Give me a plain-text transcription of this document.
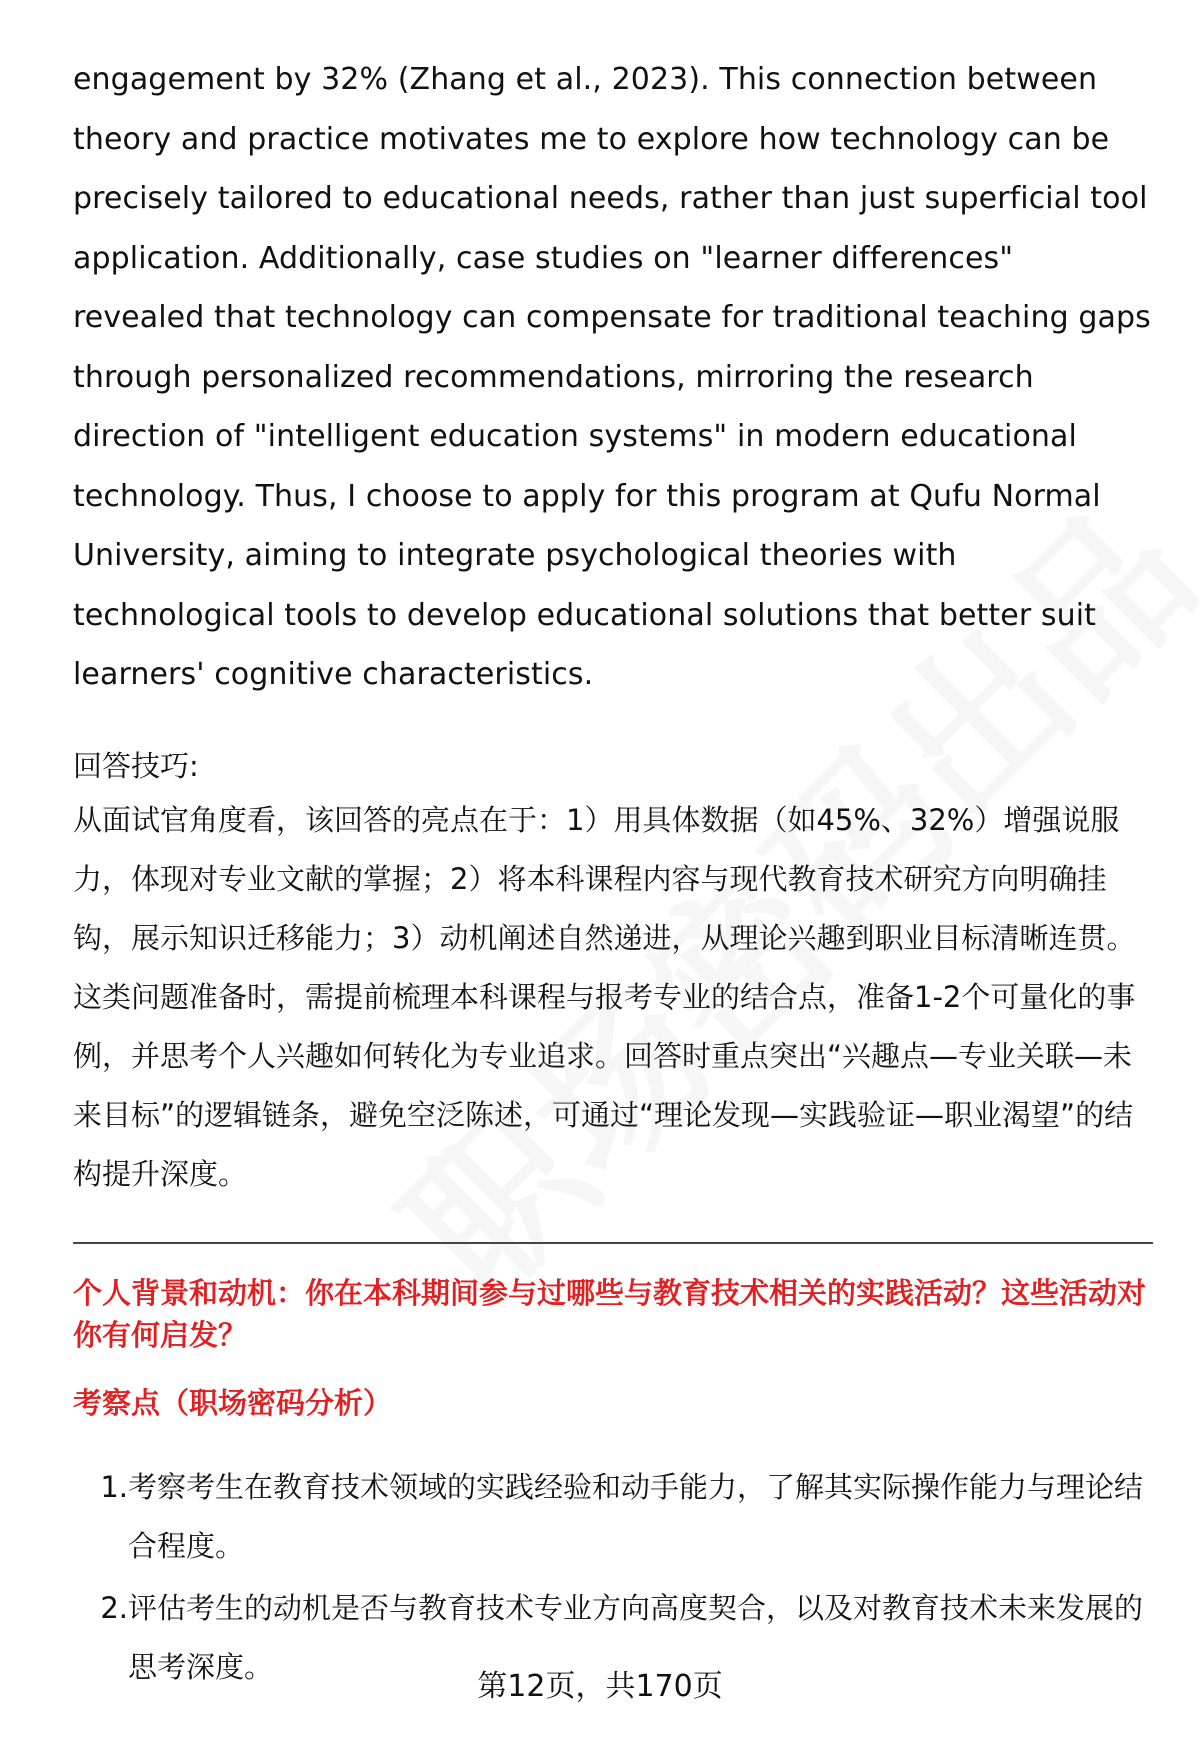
engagement by 32% (Zhang et al., 2023). This connection between theory and practice motivates me to explore how technology can be precisely tailored to educational needs, rather than just superficial tool application. Additionally, case studies on "learner differences" revealed that technology can compensate for traditional teaching gaps through personalized recommendations, mirroring the research direction of "intelligent education systems" in modern educational technology. Thus, I choose to apply for this program at Qufu Normal University, aiming to integrate psychological theories with technological tools to develop educational solutions that better suit learners' cognitive characteristics.

回答技巧:

从面试官角度看，该回答的亮点在于：1）用具体数据（如45%、32%）增强说服力，体现对专业文献的掌握；2）将本科课程内容与现代教育技术研究方向明确挂钩，展示知识迁移能力；3）动机阐述自然递进，从理论兴趣到职业目标清晰连贯。这类问题准备时，需提前梳理本科课程与报考专业的结合点，准备1-2个可量化的事例，并思考个人兴趣如何转化为专业追求。回答时重点突出“兴趣点—专业关联—未来目标”的逻辑链条，避免空泛陈述，可通过“理论发现—实践验证—职业渴望”的结构提升深度。

个人背景和动机：你在本科期间参与过哪些与教育技术相关的实践活动？这些活动对你有何启发？
考察点（职场密码分析）
1. 考察考生在教育技术领域的实践经验和动手能力，了解其实际操作能力与理论结合程度。
2. 评估考生的动机是否与教育技术专业方向高度契合，以及对教育技术未来发展的思考深度。
第12页，共170页
